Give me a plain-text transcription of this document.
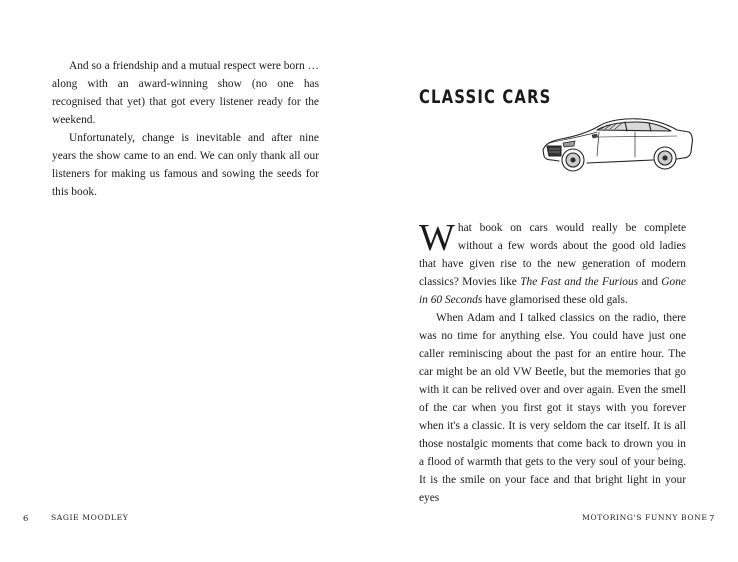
And so a friendship and a mutual respect were born … along with an award-winning show (no one has recognised that yet) that got every listener ready for the weekend.

Unfortunately, change is inevitable and after nine years the show came to an end. We can only thank all our listeners for making us famous and sowing the seeds for this book.

6	SAGIE MOODLEY
CLASSIC CARS

What book on cars would really be complete without a few words about the good old ladies that have given rise to the new generation of modern classics? Movies like The Fast and the Furious and Gone in 60 Seconds have glamorised these old gals.

When Adam and I talked classics on the radio, there was no time for anything else. You could have just one caller reminiscing about the past for an entire hour. The car might be an old VW Beetle, but the memories that go with it can be relived over and over again. Even the smell of the car when you first got it stays with you forever when it's a classic. It is very seldom the car itself. It is all those nostalgic moments that come back to drown you in a flood of warmth that gets to the very soul of your being. It is the smile on your face and that bright light in your eyes

MOTORING'S FUNNY BONE 7
